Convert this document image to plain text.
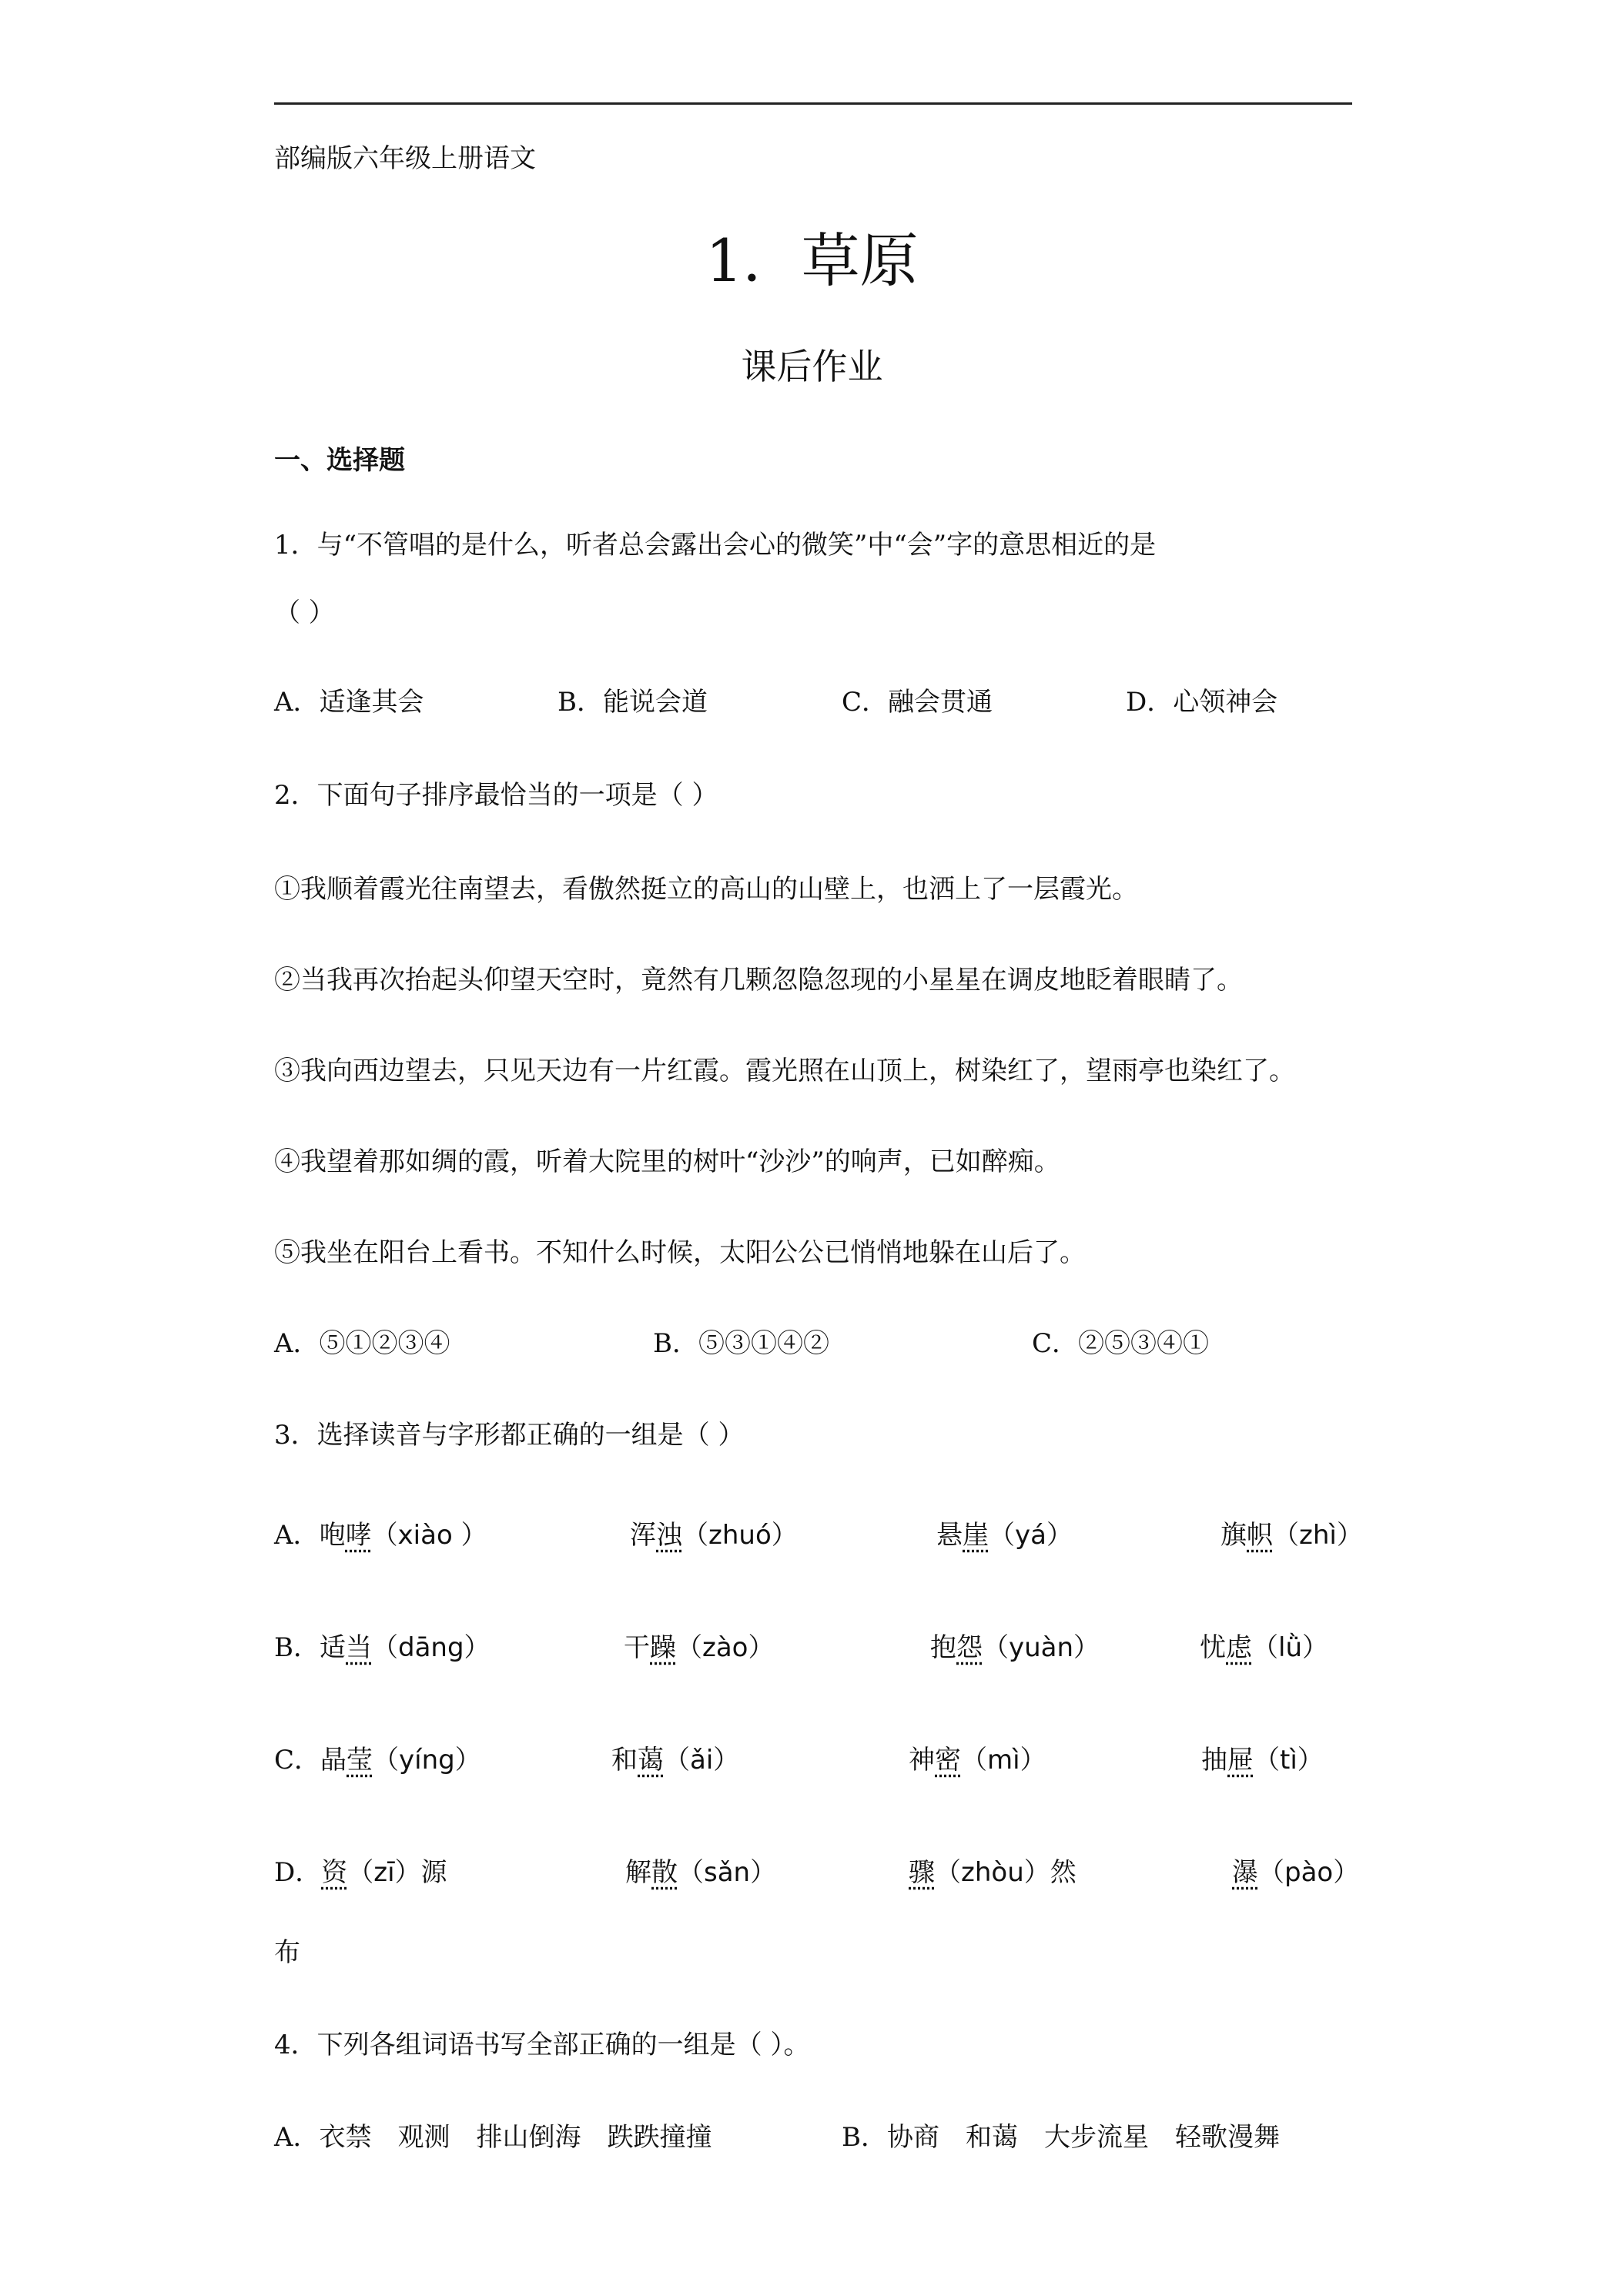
部编版六年级上册语文
1．草原
课后作业
一、选择题
1．与“不管唱的是什么，听者总会露出会心的微笑”中“会”字的意思相近的是
（ ）
A．适逢其会	B．能说会道	C．融会贯通	D．心领神会
2．下面句子排序最恰当的一项是（ ）
①我顺着霞光往南望去，看傲然挺立的高山的山壁上，也洒上了一层霞光。
②当我再次抬起头仰望天空时，竟然有几颗忽隐忽现的小星星在调皮地眨着眼睛了。
③我向西边望去，只见天边有一片红霞。霞光照在山顶上，树染红了，望雨亭也染红了。
④我望着那如绸的霞，听着大院里的树叶“沙沙”的响声，已如醉痴。
⑤我坐在阳台上看书。不知什么时候，太阳公公已悄悄地躲在山后了。
A．⑤①②③④	B．⑤③①④②	C．②⑤③④①
3．选择读音与字形都正确的一组是（ ）
A．咆哮（xiào ）	浑浊（zhuó）	悬崖（yá）	旗帜（zhì）
B．适当（dāng）	干躁（zào）	抱怨（yuàn）	忧虑（lǜ）
C．晶莹（yíng）	和蔼（ǎi）	神密（mì）	抽屉（tì）
D．资（zī）源	解散（sǎn）	骤（zhòu）然	瀑（pào）
布
4．下列各组词语书写全部正确的一组是（ ）。
A．衣禁　观测　排山倒海　跌跌撞撞	B．协商　和蔼　大步流星　轻歌漫舞
